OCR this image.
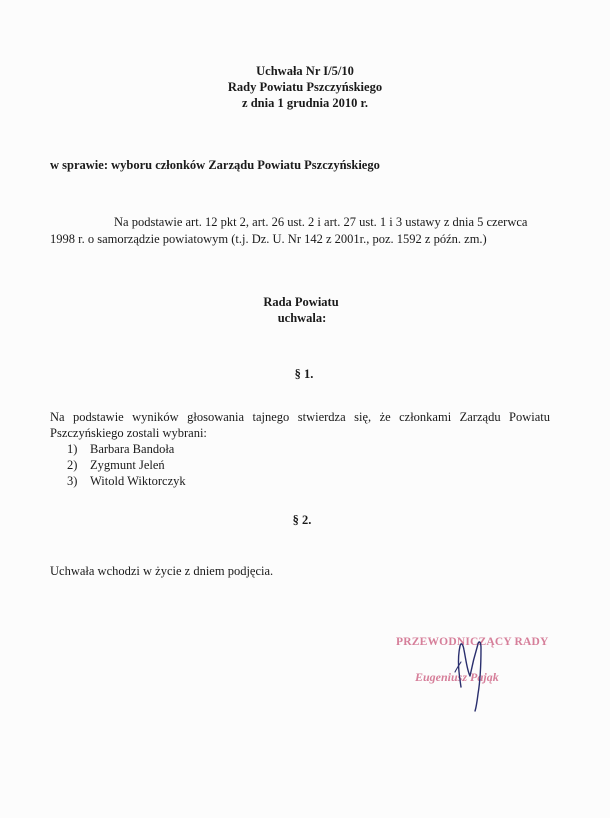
Uchwała Nr I/5/10
Rady Powiatu Pszczyńskiego
z dnia 1 grudnia 2010 r.
w sprawie: wyboru członków Zarządu Powiatu Pszczyńskiego
Na podstawie art. 12 pkt 2, art. 26 ust. 2 i art. 27 ust. 1 i 3 ustawy z dnia 5 czerwca
1998 r. o samorządzie powiatowym (t.j. Dz. U. Nr 142 z 2001r., poz. 1592 z późn. zm.)
Rada Powiatu
uchwala:
§ 1.
Na podstawie wyników głosowania tajnego stwierdza się, że członkami Zarządu Powiatu
Pszczyńskiego zostali wybrani:
1)	Barbara Bandoła
2)	Zygmunt Jeleń
3)	Witold Wiktorczyk
§ 2.
Uchwała wchodzi w życie z dniem podjęcia.
PRZEWODNICZĄCY RADY
Eugeniusz Pająk
